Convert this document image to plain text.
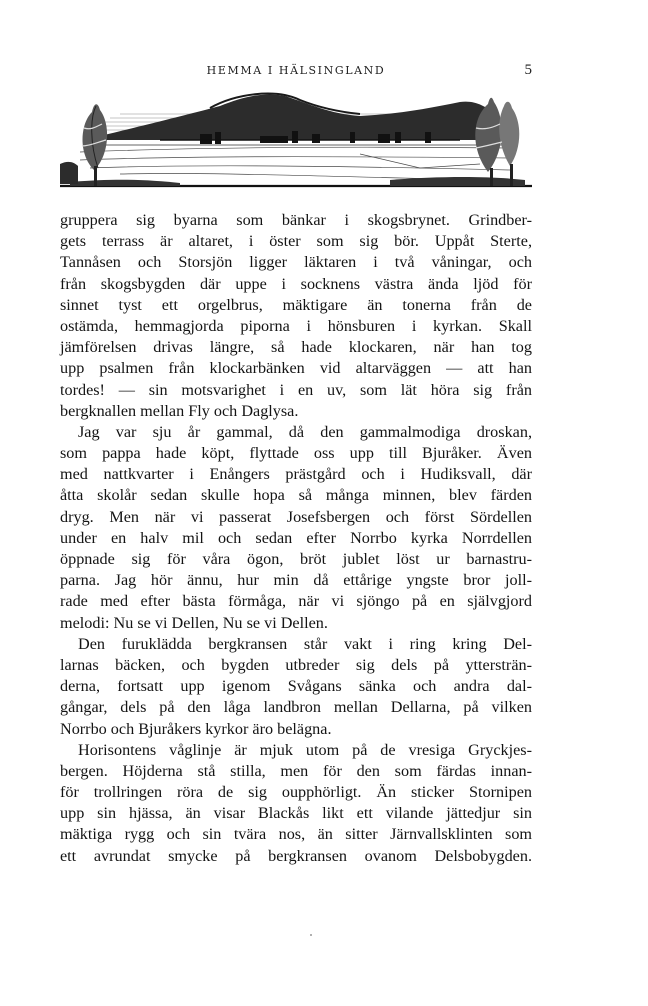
HEMMA I HÄLSINGLAND	5
gruppera sig byarna som bänkar i skogsbrynet. Grindber-
gets terrass är altaret, i öster som sig bör. Uppåt Sterte,
Tannåsen och Storsjön ligger läktaren i två våningar, och
från skogsbygden där uppe i socknens västra ända ljöd för
sinnet tyst ett orgelbrus, mäktigare än tonerna från de
ostämda, hemmagjorda piporna i hönsburen i kyrkan. Skall
jämförelsen drivas längre, så hade klockaren, när han tog
upp psalmen från klockarbänken vid altarväggen — att han
tordes! — sin motsvarighet i en uv, som lät höra sig från
bergknallen mellan Fly och Daglysa.
Jag var sju år gammal, då den gammalmodiga droskan,
som pappa hade köpt, flyttade oss upp till Bjuråker. Även
med nattkvarter i Enångers prästgård och i Hudiksvall, där
åtta skolår sedan skulle hopa så många minnen, blev färden
dryg. Men när vi passerat Josefsbergen och först Sördellen
under en halv mil och sedan efter Norrbo kyrka Norrdellen
öppnade sig för våra ögon, bröt jublet löst ur barnastru-
parna. Jag hör ännu, hur min då ettårige yngste bror joll-
rade med efter bästa förmåga, när vi sjöngo på en självgjord
melodi: Nu se vi Dellen, Nu se vi Dellen.
Den furuklädda bergkransen står vakt i ring kring Del-
larnas bäcken, och bygden utbreder sig dels på yttersträn-
derna, fortsatt upp igenom Svågans sänka och andra dal-
gångar, dels på den låga landbron mellan Dellarna, på vilken
Norrbo och Bjuråkers kyrkor äro belägna.
Horisontens våglinje är mjuk utom på de vresiga Gryckjes-
bergen. Höjderna stå stilla, men för den som färdas innan-
för trollringen röra de sig oupphörligt. Än sticker Stornipen
upp sin hjässa, än visar Blackås likt ett vilande jättedjur sin
mäktiga rygg och sin tvära nos, än sitter Järnvallsklinten som
ett avrundat smycke på bergkransen ovanom Delsbobygden.
